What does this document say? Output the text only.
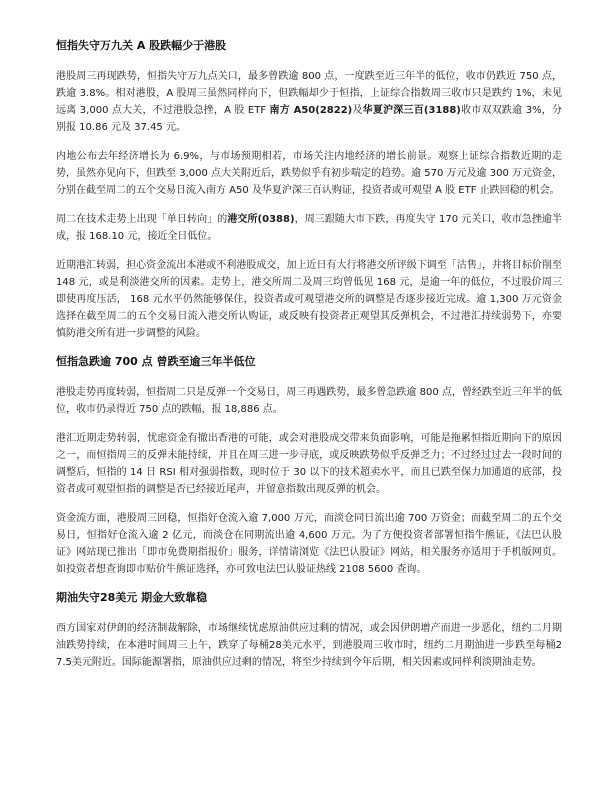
恒指失守万九关 A 股跌幅少于港股

港股周三再现跌势，恒指失守万九点关口，最多曾跌逾 800 点，一度跌至近三年半的低位，收市仍跌近 750 点，跌逾 3.8%。相对港股，A 股周三虽然同样向下，但跌幅却少于恒指，上证综合指数周三收市只是跌约 1%，未见远离 3,000 点大关，不过港股急挫，A 股 ETF 南方 A50(2822)及华夏沪深三百(3188)收市双双跌逾 3%，分别报 10.86 元及 37.45 元。

内地公布去年经济增长为 6.9%，与市场预期相若，市场关注内地经济的增长前景。观察上证综合指数近期的走势，虽然亦见向下，但跌至 3,000 点大关附近后，跌势似乎有初步喘定的趋势。逾 570 万元及逾 300 万元资金，分别在截至周二的五个交易日流入南方 A50 及华夏沪深三百认购证，投资者或可观望 A 股 ETF 止跌回稳的机会。

周二在技术走势上出现「单日转向」的港交所(0388)，周三跟随大市下跌，再度失守 170 元关口，收市急挫逾半成，报 168.10 元，接近全日低位。

近期港汇转弱，担心资金流出本港或不利港股成交，加上近日有大行将港交所评级下调至「沽售」，并将目标价削至 148 元，或是利淡港交所的因素。走势上，港交所周二及周三均曾低见 168 元，是逾一年的低位，不过股价周三即使再度压活， 168 元水平仍然能够保住，投资者或可观望港交所的调整是否逐步接近完成。逾 1,300 万元资金选择在截至周二的五个交易日流入港交所认购证，或反映有投资者正观望其反弹机会，不过港汇持续弱势下，亦要慎防港交所有进一步调整的风险。

恒指急跌逾 700 点 曾跌至逾三年半低位

港股走势再度转弱，恒指周二只是反弹一个交易日，周三再遇跌势，最多曾急跌逾 800 点，曾经跌至近三年半的低位，收市仍录得近 750 点的跌幅，报 18,886 点。

港汇近期走势转弱，忧虑资金有撤出香港的可能，或会对港股成交带来负面影响，可能是拖累恒指近期向下的原因之一，而恒指周三的反弹未能持续，并且在周三进一步寻底，或反映跌势似乎反弹乏力；不过经过过去一段时间的调整后，恒指的 14 日 RSI 相对强弱指数，现时位于 30 以下的技术超卖水平，而且已跌至保力加通道的底部，投资者或可观望恒指的调整是否已经接近尾声，并留意指数出现反弹的机会。

资金流方面，港股周三回稳，恒指好仓流入逾 7,000 万元，而淡仓同日流出逾 700 万资金；而截至周二的五个交易日，恒指好仓流入逾 2 亿元，而淡仓在同期流出逾 4,600 万元。为了方便投资者部署恒指牛熊证，《法巴认股证》网站现已推出「即市免费期指报价」服务，详情请浏览《法巴认股证》网站，相关服务亦适用于手机版网页。如投资者想查询即市贴价牛熊证选择，亦可致电法巴认股证热线 2108 5600 查询。

期油失守28美元 期金大致靠稳

西方国家对伊朗的经济制裁解除，市场继续忧虑原油供应过剩的情况，或会因伊朗增产而进一步恶化，纽约二月期油跌势持续，在本港时间周三上午，跌穿了每桶28美元水平，到港股周三收市时，纽约二月期油进一步跌至每桶27.5美元附近。国际能源署指，原油供应过剩的情况，将至少持续到今年后期，相关因素或同样利淡期油走势。
